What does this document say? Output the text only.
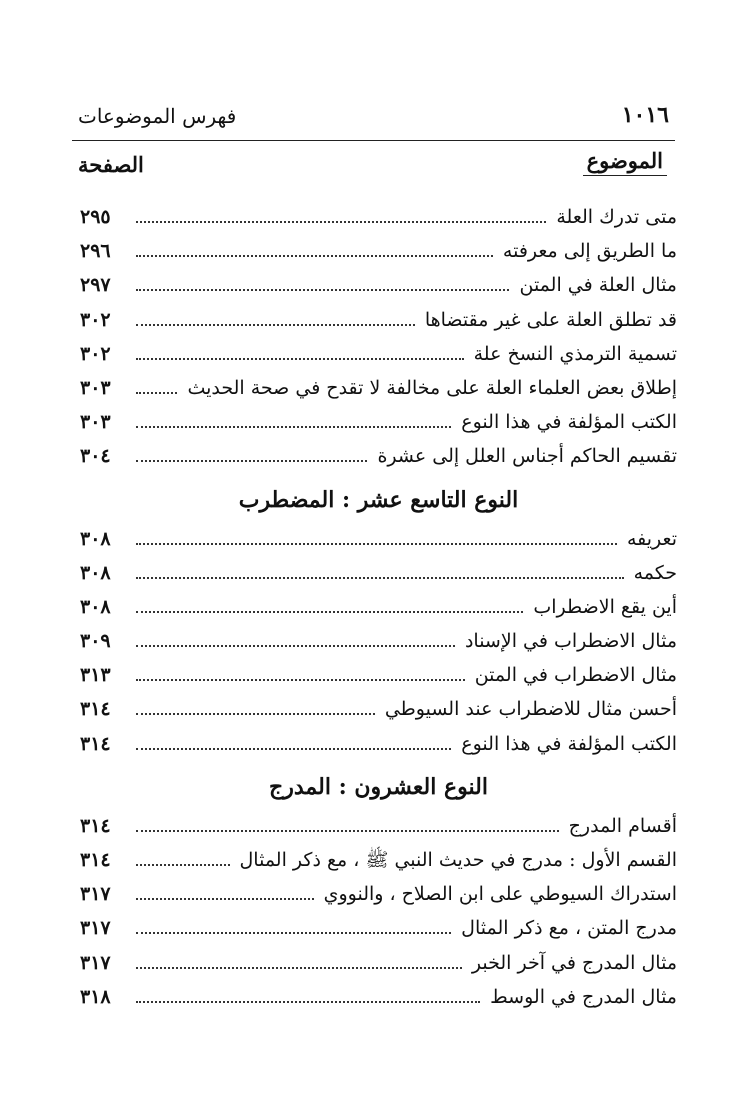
١٠١٦
فهرس الموضوعات
الموضوع
الصفحة
متى تدرك العلة
٢٩٥
ما الطريق إلى معرفته
٢٩٦
مثال العلة في المتن
٢٩٧
قد تطلق العلة على غير مقتضاها
٣٠٢
تسمية الترمذي النسخ علة
٣٠٢
إطلاق بعض العلماء العلة على مخالفة لا تقدح في صحة الحديث
٣٠٣
الكتب المؤلفة في هذا النوع
٣٠٣
تقسيم الحاكم أجناس العلل إلى عشرة
٣٠٤
النوع التاسع عشر : المضطرب
تعريفه
٣٠٨
حكمه
٣٠٨
أين يقع الاضطراب
٣٠٨
مثال الاضطراب في الإسناد
٣٠٩
مثال الاضطراب في المتن
٣١٣
أحسن مثال للاضطراب عند السيوطي
٣١٤
الكتب المؤلفة في هذا النوع
٣١٤
النوع العشرون : المدرج
أقسام المدرج
٣١٤
القسم الأول : مدرج في حديث النبي ﷺ ، مع ذكر المثال
٣١٤
استدراك السيوطي على ابن الصلاح ، والنووي
٣١٧
مدرج المتن ، مع ذكر المثال
٣١٧
مثال المدرج في آخر الخبر
٣١٧
مثال المدرج في الوسط
٣١٨
